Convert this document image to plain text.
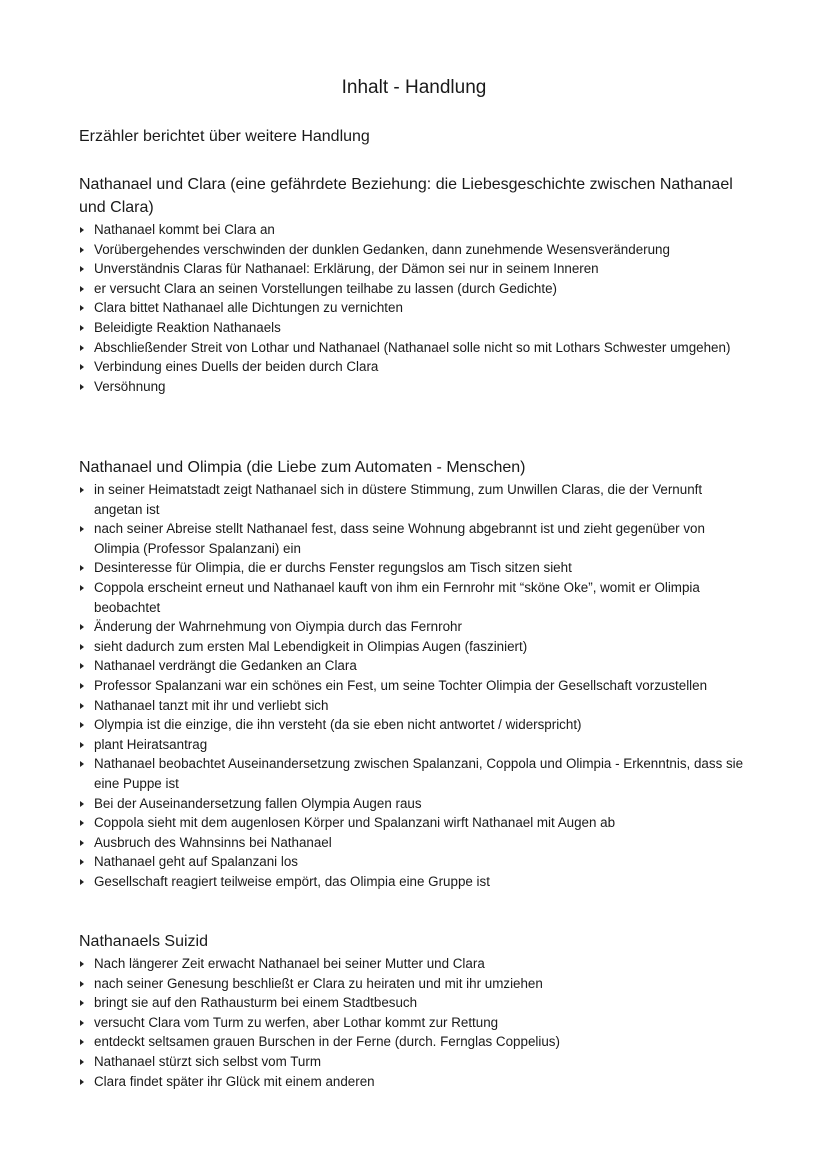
Inhalt - Handlung
Erzähler berichtet über weitere Handlung
Nathanael und Clara (eine gefährdete Beziehung: die Liebesgeschichte zwischen Nathanael und Clara)
Nathanael kommt bei Clara an
Vorübergehendes verschwinden der dunklen Gedanken, dann zunehmende Wesensveränderung
Unverständnis Claras für Nathanael: Erklärung, der Dämon sei nur in seinem Inneren
er versucht Clara an seinen Vorstellungen teilhabe zu lassen (durch Gedichte)
Clara bittet Nathanael alle Dichtungen zu vernichten
Beleidigte Reaktion Nathanaels
Abschließender Streit von Lothar und Nathanael (Nathanael solle nicht so mit Lothars Schwester umgehen)
Verbindung eines Duells der beiden durch Clara
Versöhnung
Nathanael und Olimpia (die Liebe zum Automaten - Menschen)
in seiner Heimatstadt zeigt Nathanael sich in düstere Stimmung, zum Unwillen Claras, die der Vernunft angetan ist
nach seiner Abreise stellt Nathanael fest, dass seine Wohnung abgebrannt ist und zieht gegenüber von Olimpia (Professor Spalanzani) ein
Desinteresse für Olimpia, die er durchs Fenster regungslos am Tisch sitzen sieht
Coppola erscheint erneut und Nathanael kauft von ihm ein Fernrohr mit “sköne Oke”, womit er Olimpia beobachtet
Änderung der Wahrnehmung von Oiympia durch das Fernrohr
sieht dadurch zum ersten Mal Lebendigkeit in Olimpias Augen (fasziniert)
Nathanael verdrängt die Gedanken an Clara
Professor Spalanzani war ein schönes ein Fest, um seine Tochter Olimpia der Gesellschaft vorzustellen
Nathanael tanzt mit ihr und verliebt sich
Olympia ist die einzige, die ihn versteht (da sie eben nicht antwortet / widerspricht)
plant Heiratsantrag
Nathanael beobachtet Auseinandersetzung zwischen Spalanzani, Coppola und Olimpia - Erkenntnis, dass sie eine Puppe ist
Bei der Auseinandersetzung fallen Olympia Augen raus
Coppola sieht mit dem augenlosen Körper und Spalanzani wirft Nathanael mit Augen ab
Ausbruch des Wahnsinns bei Nathanael
Nathanael geht auf Spalanzani los
Gesellschaft reagiert teilweise empört, das Olimpia eine Gruppe ist
Nathanaels Suizid
Nach längerer Zeit erwacht Nathanael bei seiner Mutter und Clara
nach seiner Genesung beschließt er Clara zu heiraten und mit ihr umziehen
bringt sie auf den Rathausturm bei einem Stadtbesuch
versucht Clara vom Turm zu werfen, aber Lothar kommt zur Rettung
entdeckt seltsamen grauen Burschen in der Ferne (durch. Fernglas Coppelius)
Nathanael stürzt sich selbst vom Turm
Clara findet später ihr Glück mit einem anderen
